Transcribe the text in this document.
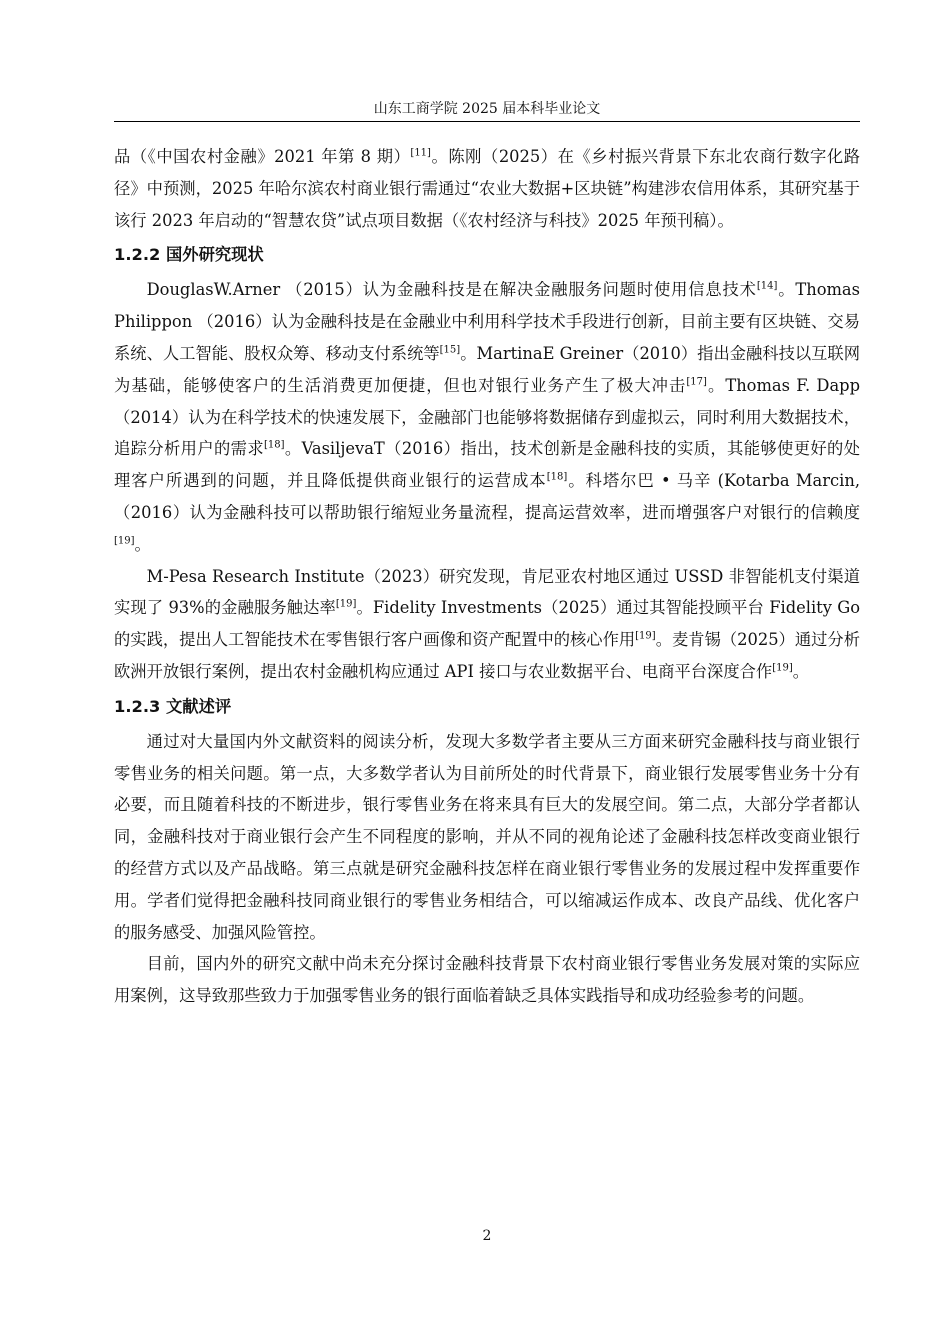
山东工商学院 2025 届本科毕业论文

品（《中国农村金融》2021 年第 8 期）[11]。陈刚（2025）在《乡村振兴背景下东北农商行数字化路径》中预测，2025 年哈尔滨农村商业银行需通过“农业大数据+区块链”构建涉农信用体系，其研究基于该行 2023 年启动的“智慧农贷”试点项目数据（《农村经济与科技》2025 年预刊稿）。

1.2.2 国外研究现状

DouglasW.Arner （2015）认为金融科技是在解决金融服务问题时使用信息技术[14]。Thomas Philippon （2016）认为金融科技是在金融业中利用科学技术手段进行创新，目前主要有区块链、交易系统、人工智能、股权众筹、移动支付系统等[15]。MartinaE Greiner（2010）指出金融科技以互联网为基础，能够使客户的生活消费更加便捷，但也对银行业务产生了极大冲击[17]。Thomas F. Dapp （2014）认为在科学技术的快速发展下，金融部门也能够将数据储存到虚拟云，同时利用大数据技术，追踪分析用户的需求[18]。VasiljevaT（2016）指出，技术创新是金融科技的实质，其能够使更好的处理客户所遇到的问题，并且降低提供商业银行的运营成本[18]。科塔尔巴 • 马辛 (Kotarba Marcin, （2016）认为金融科技可以帮助银行缩短业务量流程，提高运营效率，进而增强客户对银行的信赖度[19]。

M-Pesa Research Institute（2023）研究发现，肯尼亚农村地区通过 USSD 非智能机支付渠道实现了 93%的金融服务触达率[19]。Fidelity Investments（2025）通过其智能投顾平台 Fidelity Go 的实践，提出人工智能技术在零售银行客户画像和资产配置中的核心作用[19]。麦肯锡（2025）通过分析欧洲开放银行案例，提出农村金融机构应通过 API 接口与农业数据平台、电商平台深度合作[19]。

1.2.3 文献述评

通过对大量国内外文献资料的阅读分析，发现大多数学者主要从三方面来研究金融科技与商业银行零售业务的相关问题。第一点，大多数学者认为目前所处的时代背景下，商业银行发展零售业务十分有必要，而且随着科技的不断进步，银行零售业务在将来具有巨大的发展空间。第二点，大部分学者都认同，金融科技对于商业银行会产生不同程度的影响，并从不同的视角论述了金融科技怎样改变商业银行的经营方式以及产品战略。第三点就是研究金融科技怎样在商业银行零售业务的发展过程中发挥重要作用。学者们觉得把金融科技同商业银行的零售业务相结合，可以缩减运作成本、改良产品线、优化客户的服务感受、加强风险管控。

目前，国内外的研究文献中尚未充分探讨金融科技背景下农村商业银行零售业务发展对策的实际应用案例，这导致那些致力于加强零售业务的银行面临着缺乏具体实践指导和成功经验参考的问题。

2
